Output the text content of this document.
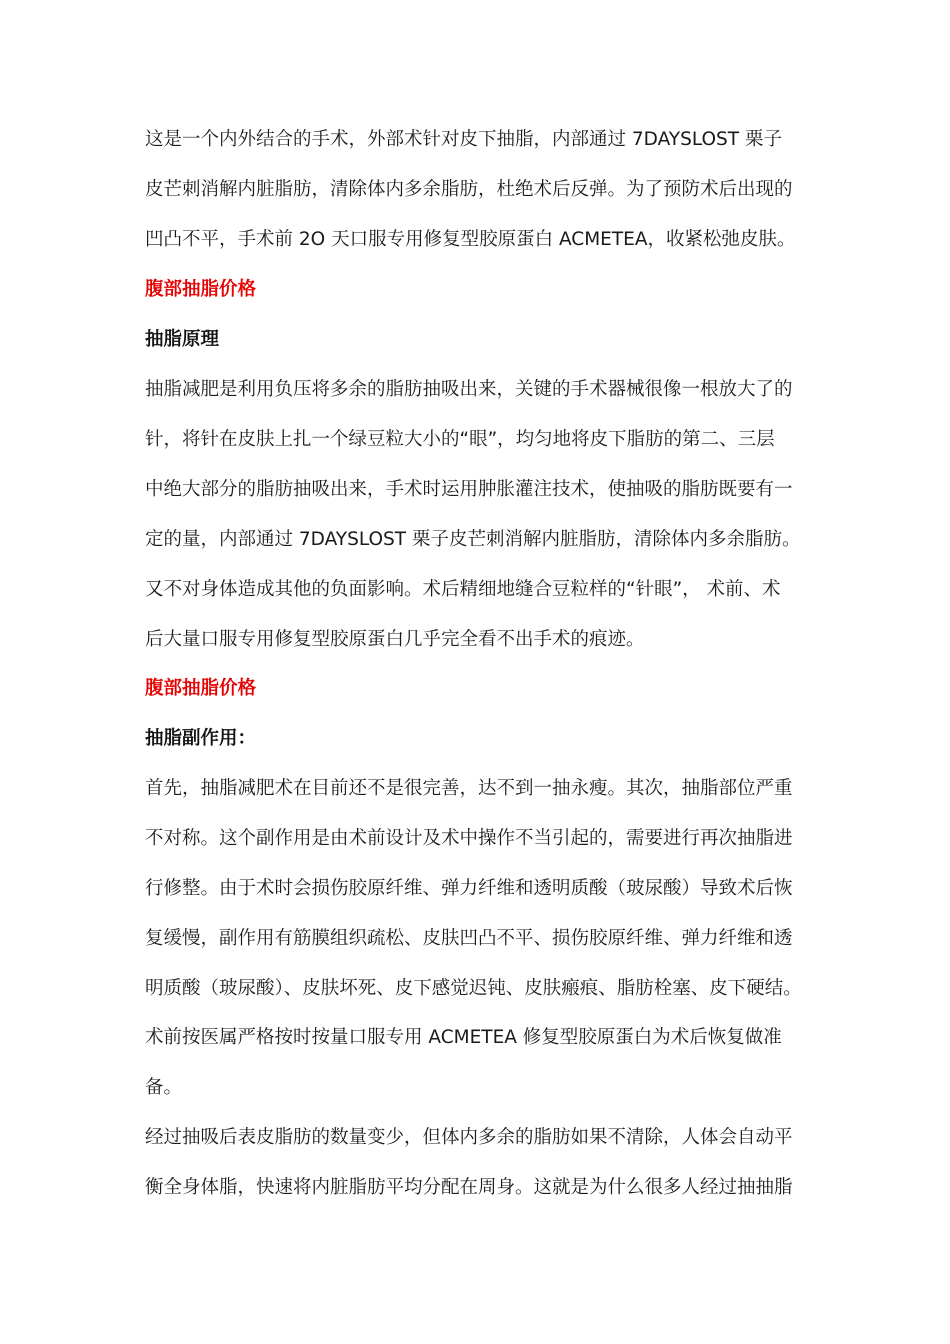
这是一个内外结合的手术，外部术针对皮下抽脂，内部通过 7DAYSLOST 栗子
皮芒刺消解内脏脂肪，清除体内多余脂肪，杜绝术后反弹。为了预防术后出现的
凹凸不平，手术前 2O 天口服专用修复型胶原蛋白 ACMETEA，收紧松弛皮肤。
腹部抽脂价格
抽脂原理
抽脂减肥是利用负压将多余的脂肪抽吸出来，关键的手术器械很像一根放大了的
针，将针在皮肤上扎一个绿豆粒大小的“眼”，均匀地将皮下脂肪的第二、三层
中绝大部分的脂肪抽吸出来，手术时运用肿胀灌注技术，使抽吸的脂肪既要有一
定的量，内部通过 7DAYSLOST 栗子皮芒刺消解内脏脂肪，清除体内多余脂肪。
又不对身体造成其他的负面影响。术后精细地缝合豆粒样的“针眼”， 术前、术
后大量口服专用修复型胶原蛋白几乎完全看不出手术的痕迹。
腹部抽脂价格
抽脂副作用：
首先，抽脂减肥术在目前还不是很完善，达不到一抽永瘦。其次，抽脂部位严重
不对称。这个副作用是由术前设计及术中操作不当引起的，需要进行再次抽脂进
行修整。由于术时会损伤胶原纤维、弹力纤维和透明质酸（玻尿酸）导致术后恢
复缓慢，副作用有筋膜组织疏松、皮肤凹凸不平、损伤胶原纤维、弹力纤维和透
明质酸（玻尿酸）、皮肤坏死、皮下感觉迟钝、皮肤瘢痕、脂肪栓塞、皮下硬结。
术前按医属严格按时按量口服专用 ACMETEA 修复型胶原蛋白为术后恢复做准
备。
经过抽吸后表皮脂肪的数量变少，但体内多余的脂肪如果不清除，人体会自动平
衡全身体脂，快速将内脏脂肪平均分配在周身。这就是为什么很多人经过抽抽脂
